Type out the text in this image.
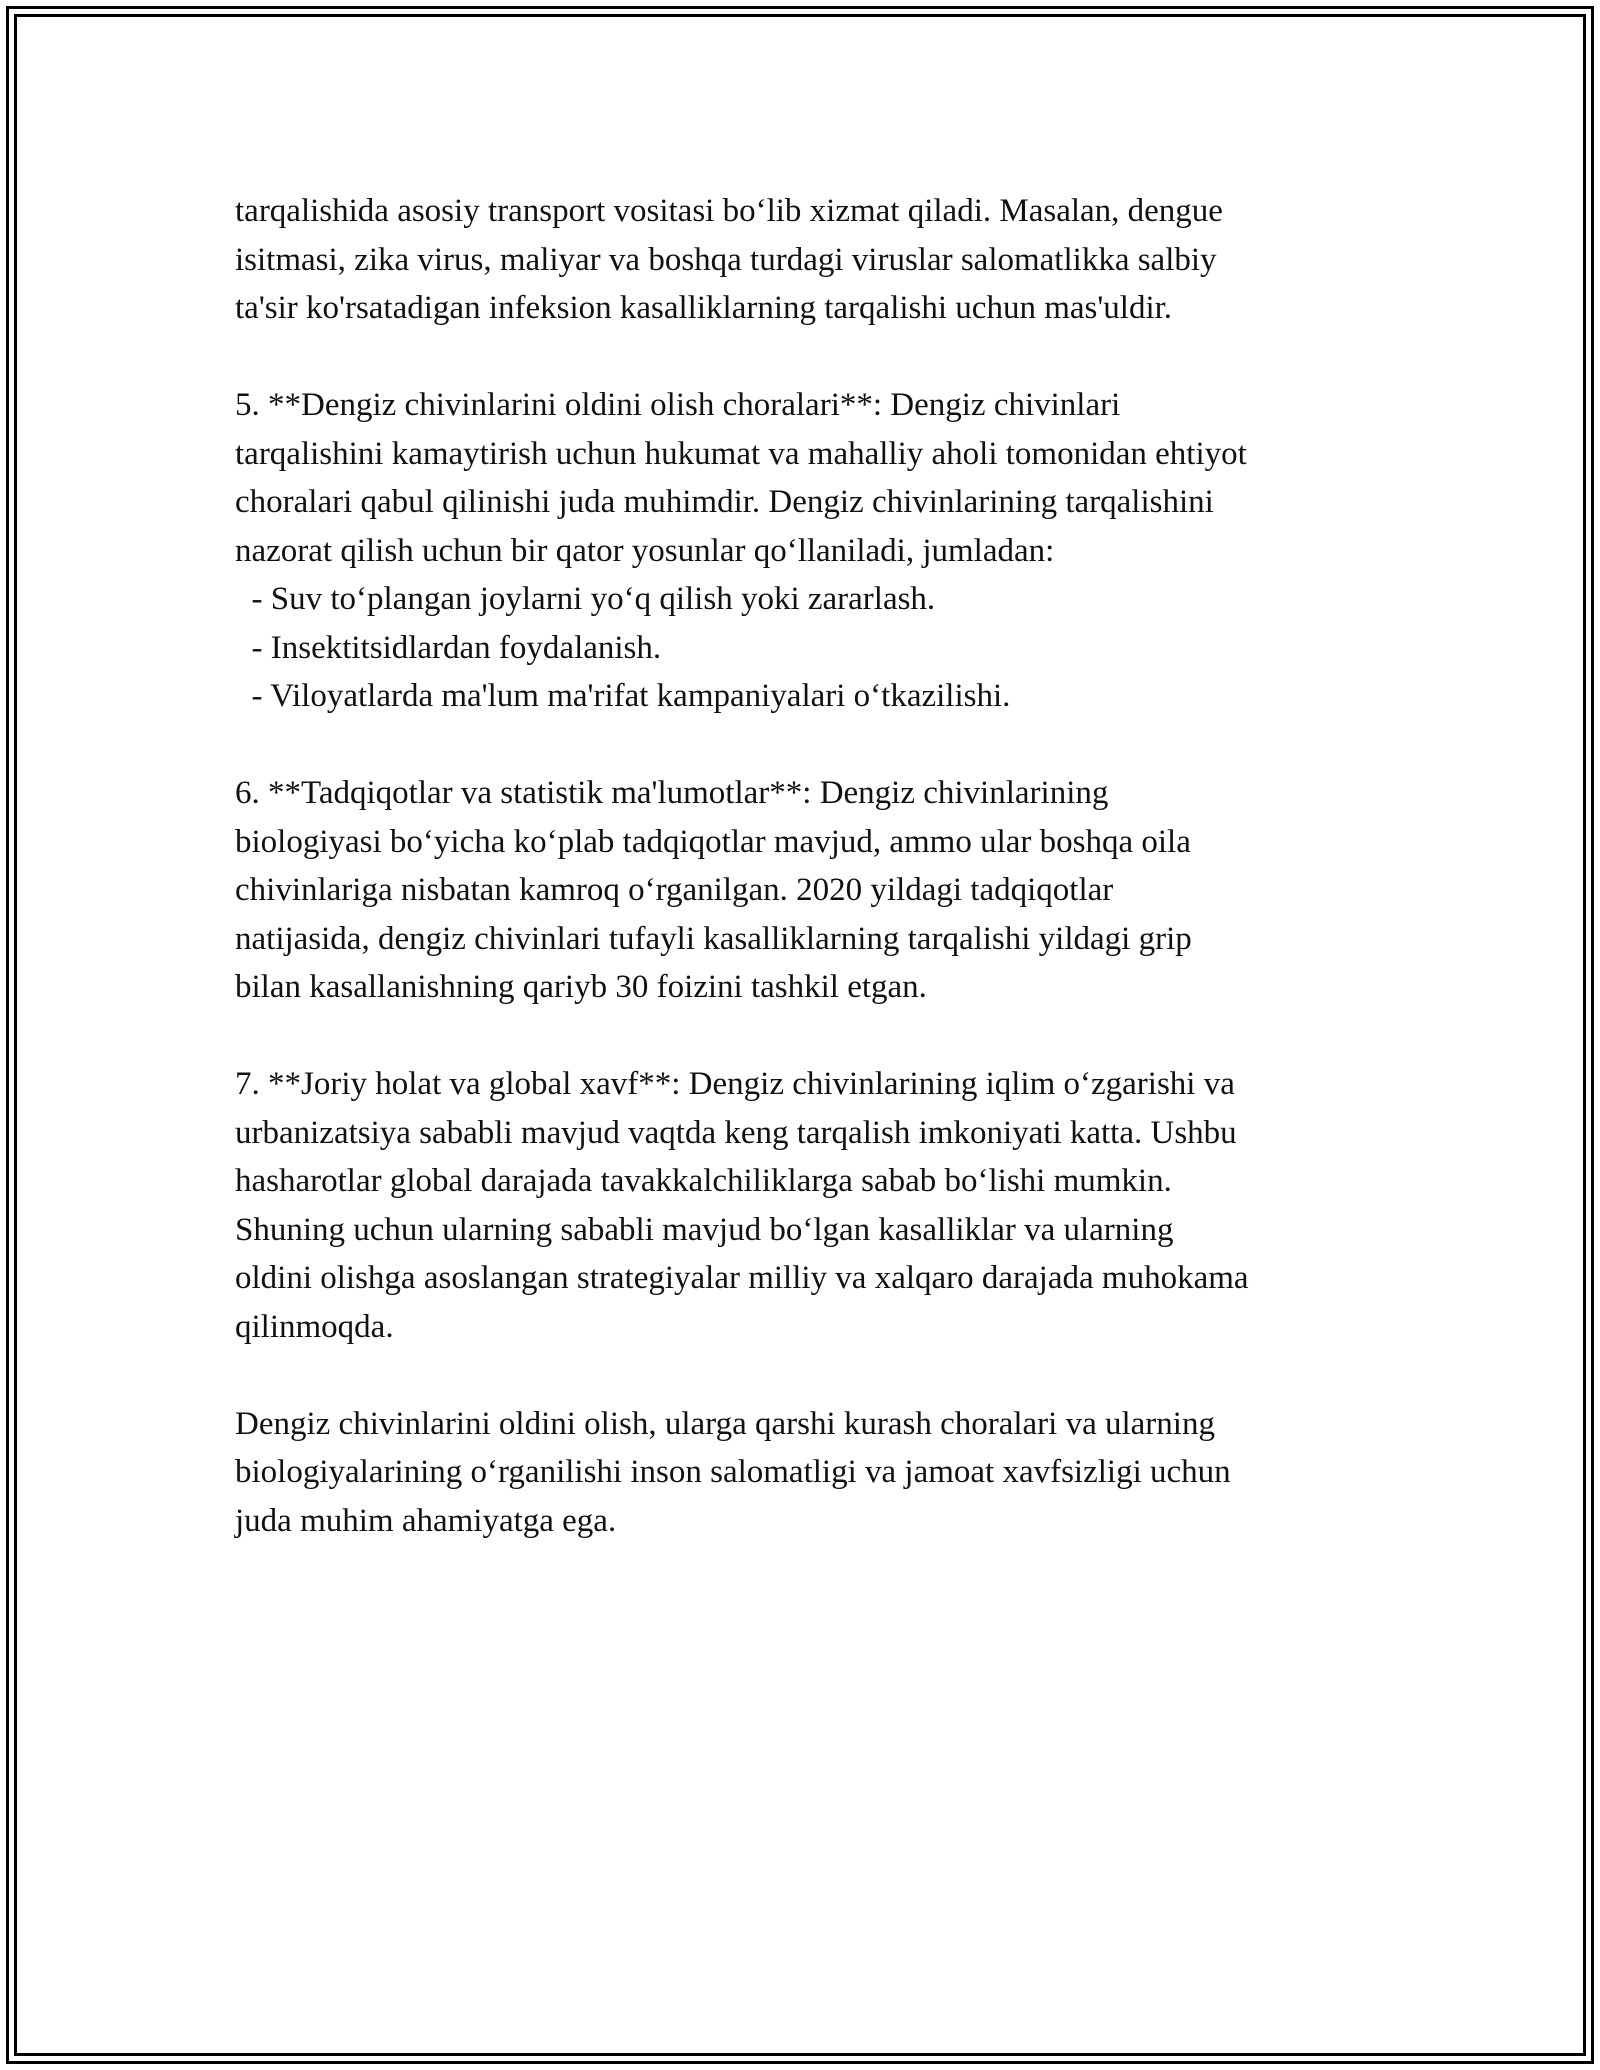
tarqalishida asosiy transport vositasi bo‘lib xizmat qiladi. Masalan, dengue
isitmasi, zika virus, maliyar va boshqa turdagi viruslar salomatlikka salbiy
ta'sir ko'rsatadigan infeksion kasalliklarning tarqalishi uchun mas'uldir.
5. **Dengiz chivinlarini oldini olish choralari**: Dengiz chivinlari
tarqalishini kamaytirish uchun hukumat va mahalliy aholi tomonidan ehtiyot
choralari qabul qilinishi juda muhimdir. Dengiz chivinlarining tarqalishini
nazorat qilish uchun bir qator yosunlar qo‘llaniladi, jumladan:
- Suv to‘plangan joylarni yo‘q qilish yoki zararlash.
- Insektitsidlardan foydalanish.
- Viloyatlarda ma'lum ma'rifat kampaniyalari o‘tkazilishi.
6. **Tadqiqotlar va statistik ma'lumotlar**: Dengiz chivinlarining
biologiyasi bo‘yicha ko‘plab tadqiqotlar mavjud, ammo ular boshqa oila
chivinlariga nisbatan kamroq o‘rganilgan. 2020 yildagi tadqiqotlar
natijasida, dengiz chivinlari tufayli kasalliklarning tarqalishi yildagi grip
bilan kasallanishning qariyb 30 foizini tashkil etgan.
7. **Joriy holat va global xavf**: Dengiz chivinlarining iqlim o‘zgarishi va
urbanizatsiya sababli mavjud vaqtda keng tarqalish imkoniyati katta. Ushbu
hasharotlar global darajada tavakkalchiliklarga sabab bo‘lishi mumkin.
Shuning uchun ularning sababli mavjud bo‘lgan kasalliklar va ularning
oldini olishga asoslangan strategiyalar milliy va xalqaro darajada muhokama
qilinmoqda.
Dengiz chivinlarini oldini olish, ularga qarshi kurash choralari va ularning
biologiyalarining o‘rganilishi inson salomatligi va jamoat xavfsizligi uchun
juda muhim ahamiyatga ega.
